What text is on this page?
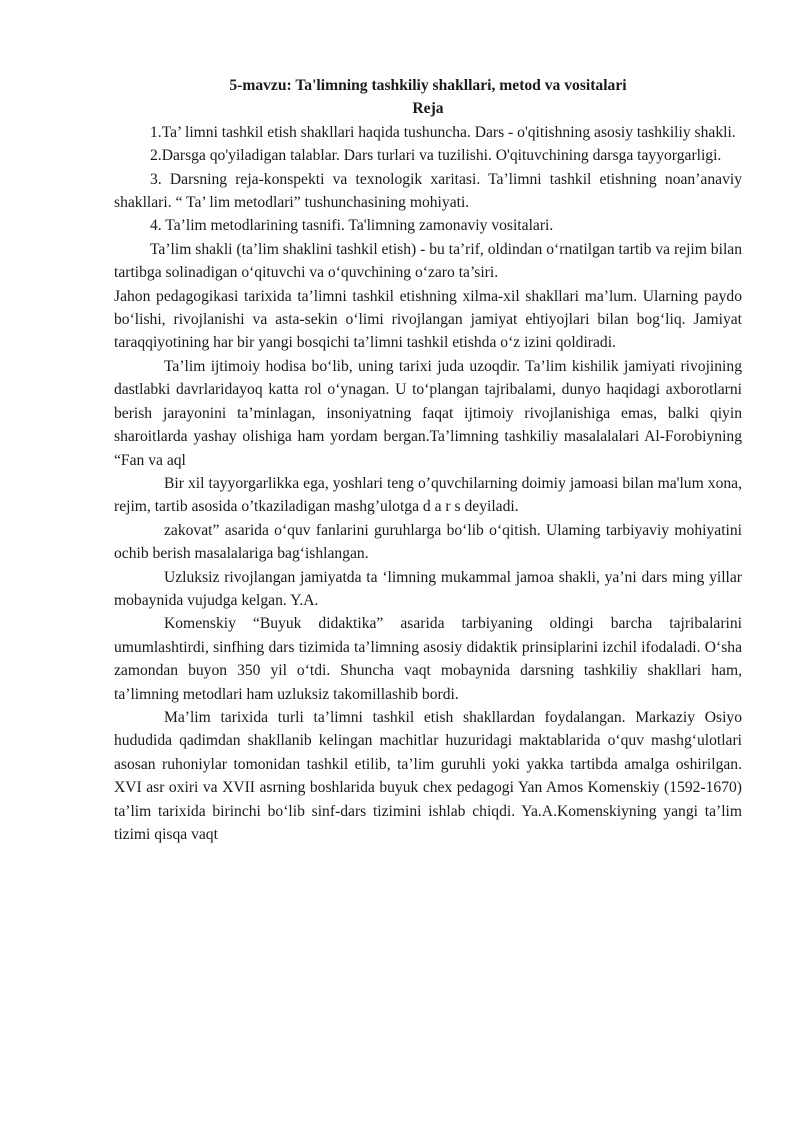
5-mavzu: Ta'limning tashkiliy shakllari, metod va vositalari

Reja

1.Ta’ limni tashkil etish shakllari haqida tushuncha. Dars - o'qitishning asosiy tashkiliy shakli.

2.Darsga qo'yiladigan talablar. Dars turlari va tuzilishi. O'qituvchining darsga tayyorgarligi.

3. Darsning reja-konspekti va texnologik xaritasi. Ta’limni tashkil etishning noan’anaviy shakllari. “ Ta’ lim metodlari” tushunchasining mohiyati.

4. Ta’lim metodlarining tasnifi. Ta'limning zamonaviy vositalari.

Ta’lim shakli (ta’lim shaklini tashkil etish) - bu ta’rif, oldindan o‘rnatilgan tartib va rejim bilan tartibga solinadigan o‘qituvchi va o‘quvchining o‘zaro ta’siri.

Jahon pedagogikasi tarixida ta’limni tashkil etishning xilma-xil shakllari ma’lum. Ularning paydo bo‘lishi, rivojlanishi va asta-sekin o‘limi rivojlangan jamiyat ehtiyojlari bilan bog‘liq. Jamiyat taraqqiyotining har bir yangi bosqichi ta’limni tashkil etishda o‘z izini qoldiradi.

Ta’lim ijtimoiy hodisa bo‘lib, uning tarixi juda uzoqdir. Ta’lim kishilik jamiyati rivojining dastlabki davrlaridayoq katta rol o‘ynagan. U to‘plangan tajribalami, dunyo haqidagi axborotlarni berish jarayonini ta’minlagan, insoniyatning faqat ijtimoiy rivojlanishiga emas, balki qiyin sharoitlarda yashay olishiga ham yordam bergan.Ta’limning tashkiliy masalalalari Al-Forobiyning “Fan va aql

Bir xil tayyorgarlikka ega, yoshlari teng o’quvchilarning doimiy jamoasi bilan ma'lum xona, rejim, tartib asosida o’tkaziladigan mashg’ulotga d a r s deyiladi.

zakovat” asarida o‘quv fanlarini guruhlarga bo‘lib o‘qitish. Ulaming tarbiyaviy mohiyatini ochib berish masalalariga bag‘ishlangan.

Uzluksiz rivojlangan jamiyatda ta ‘limning mukammal jamoa shakli, ya’ni dars ming yillar mobaynida vujudga kelgan. Y.A.

Komenskiy “Buyuk didaktika” asarida tarbiyaning oldingi barcha tajribalarini umumlashtirdi, sinfhing dars tizimida ta’limning asosiy didaktik prinsiplarini izchil ifodaladi. O‘sha zamondan buyon 350 yil o‘tdi. Shuncha vaqt mobaynida darsning tashkiliy shakllari ham, ta’limning metodlari ham uzluksiz takomillashib bordi.

Ma’lim tarixida turli ta’limni tashkil etish shakllardan foydalangan. Markaziy Osiyo hududida qadimdan shakllanib kelingan machitlar huzuridagi maktablarida o‘quv mashg‘ulotlari asosan ruhoniylar tomonidan tashkil etilib, ta’lim guruhli yoki yakka tartibda amalga oshirilgan. XVI asr oxiri va XVII asrning boshlarida buyuk chex pedagogi Yan Amos Komenskiy (1592-1670) ta’lim tarixida birinchi bo‘lib sinf-dars tizimini ishlab chiqdi. Ya.A.Komenskiyning yangi ta’lim tizimi qisqa vaqt
